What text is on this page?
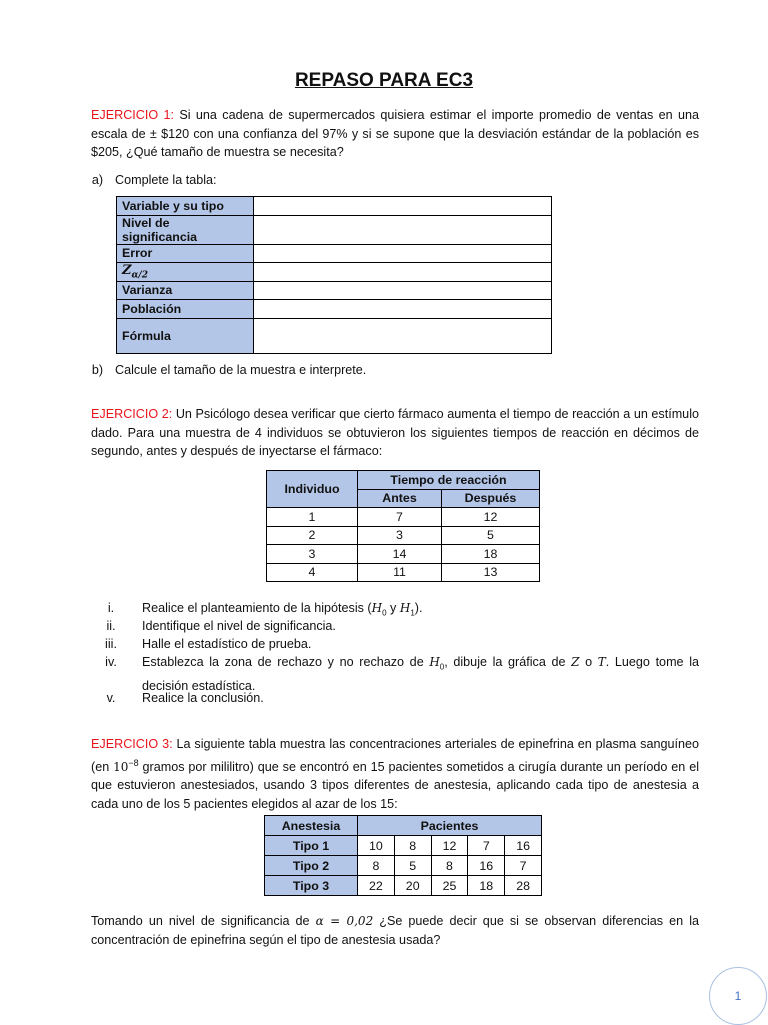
REPASO PARA EC3
EJERCICIO 1: Si una cadena de supermercados quisiera estimar el importe promedio de ventas en una escala de ± $120 con una confianza del 97% y si se supone que la desviación estándar de la población es $205, ¿Qué tamaño de muestra se necesita?
a) Complete la tabla:
Variable y su tipo	
Nivel de significancia	
Error	
$Z_{\alpha/2}$	
Varianza	
Población	
Fórmula	
b) Calcule el tamaño de la muestra e interprete.
EJERCICIO 2: Un Psicólogo desea verificar que cierto fármaco aumenta el tiempo de reacción a un estímulo dado. Para una muestra de 4 individuos se obtuvieron los siguientes tiempos de reacción en décimos de segundo, antes y después de inyectarse el fármaco:
Individuo	Tiempo de reacción	
	Antes	Después
1	7	12
2	3	5
3	14	18
4	11	13
i.	Realice el planteamiento de la hipótesis ($H_0$ y $H_1$).
ii.	Identifique el nivel de significancia.
iii.	Halle el estadístico de prueba.
iv.	Establezca la zona de rechazo y no rechazo de $H_0$, dibuje la gráfica de Z o T. Luego tome la decisión estadística.
v.	Realice la conclusión.
EJERCICIO 3: La siguiente tabla muestra las concentraciones arteriales de epinefrina en plasma sanguíneo (en $10^{-8}$ gramos por mililitro) que se encontró en 15 pacientes sometidos a cirugía durante un período en el que estuvieron anestesiados, usando 3 tipos diferentes de anestesia, aplicando cada tipo de anestesia a cada uno de los 5 pacientes elegidos al azar de los 15:
Anestesia	Pacientes				
Tipo 1	10	8	12	7	16
Tipo 2	8	5	8	16	7
Tipo 3	22	20	25	18	28
Tomando un nivel de significancia de α = 0,02 ¿Se puede decir que si se observan diferencias en la concentración de epinefrina según el tipo de anestesia usada?
1
